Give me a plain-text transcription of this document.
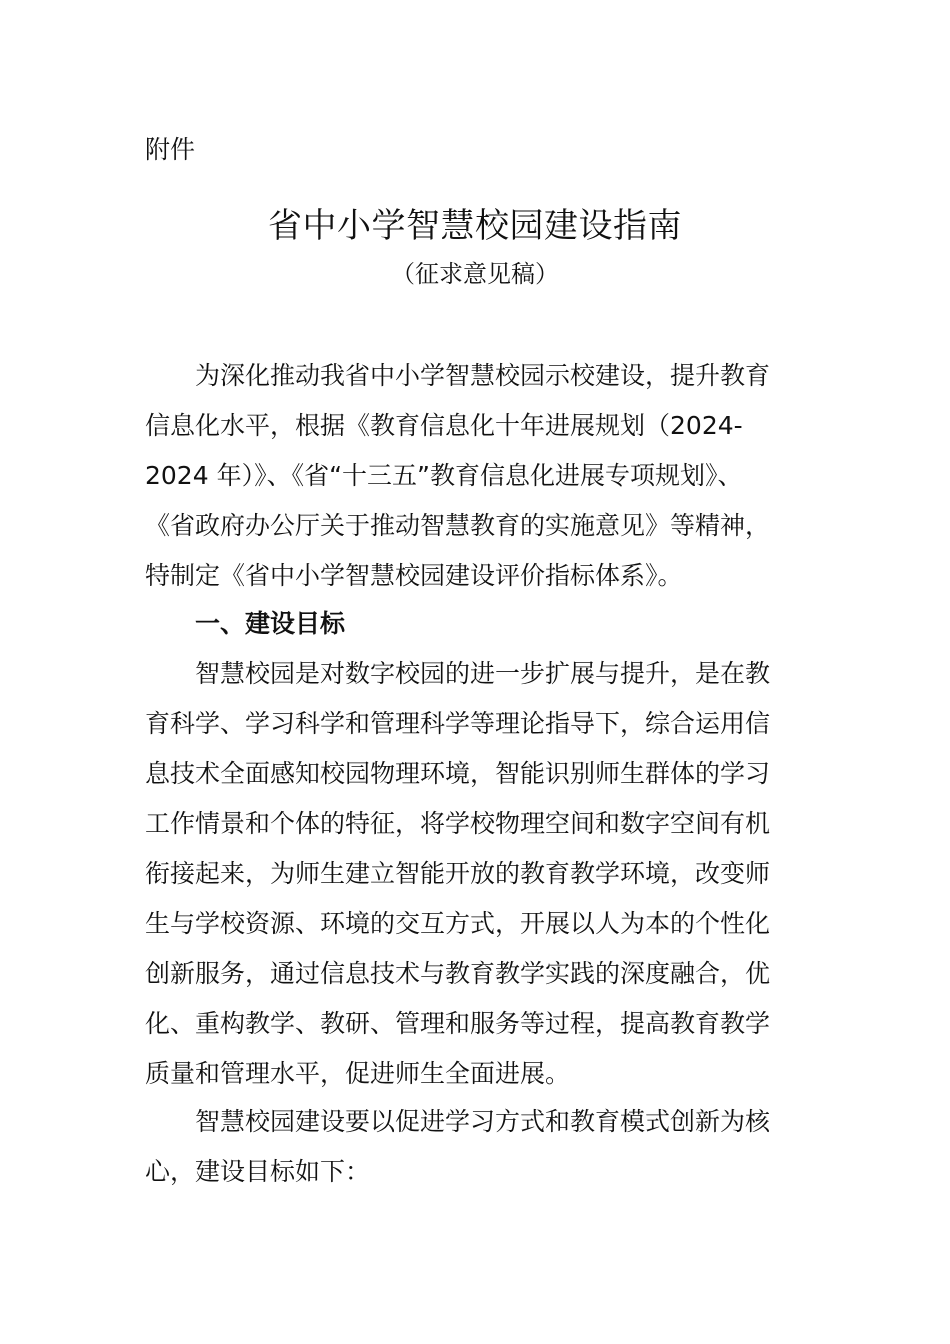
附件
省中小学智慧校园建设指南
（征求意见稿）
为深化推动我省中小学智慧校园示校建设，提升教育
信息化水平，根据《教育信息化十年进展规划（2024-
2024 年）》、《省“十三五”教育信息化进展专项规划》、
《省政府办公厅关于推动智慧教育的实施意见》等精神，
特制定《省中小学智慧校园建设评价指标体系》。
一、建设目标
智慧校园是对数字校园的进一步扩展与提升，是在教
育科学、学习科学和管理科学等理论指导下，综合运用信
息技术全面感知校园物理环境，智能识别师生群体的学习
工作情景和个体的特征，将学校物理空间和数字空间有机
衔接起来，为师生建立智能开放的教育教学环境，改变师
生与学校资源、环境的交互方式，开展以人为本的个性化
创新服务，通过信息技术与教育教学实践的深度融合，优
化、重构教学、教研、管理和服务等过程，提高教育教学
质量和管理水平，促进师生全面进展。
智慧校园建设要以促进学习方式和教育模式创新为核
心，建设目标如下：
